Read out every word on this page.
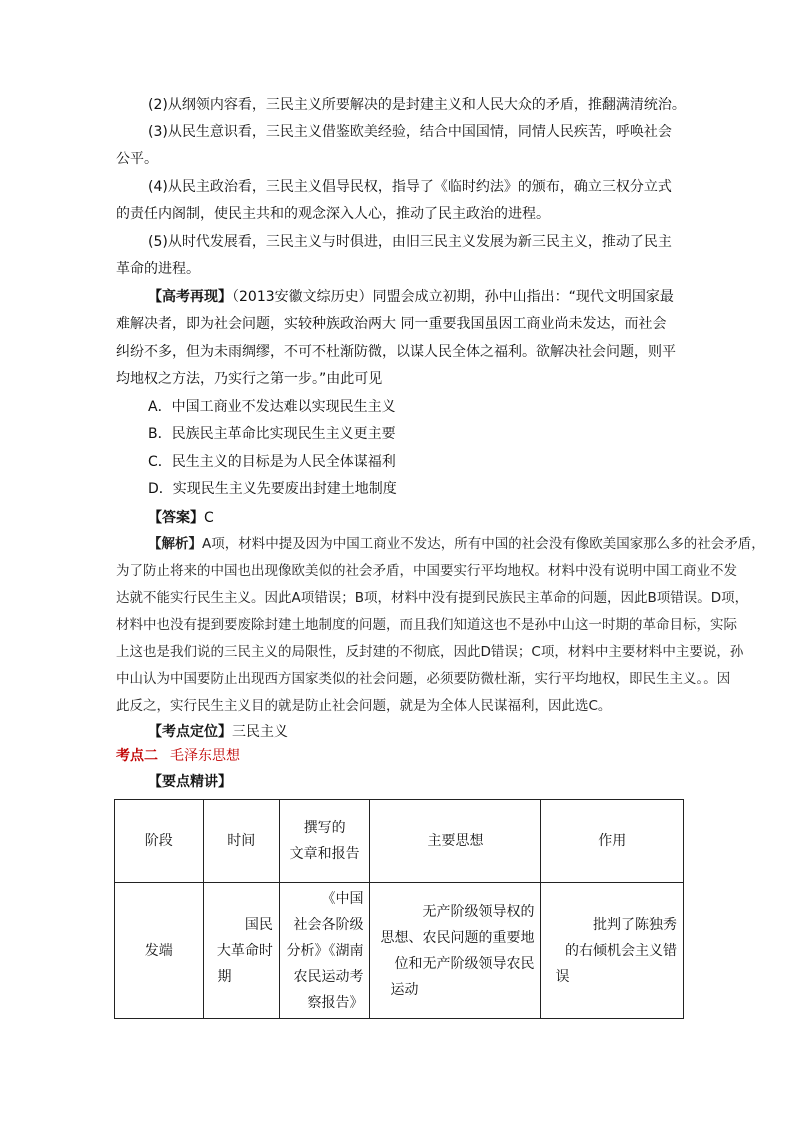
(2)从纲领内容看，三民主义所要解决的是封建主义和人民大众的矛盾，推翻满清统治。
(3)从民生意识看，三民主义借鉴欧美经验，结合中国国情，同情人民疾苦，呼唤社会
公平。
(4)从民主政治看，三民主义倡导民权，指导了《临时约法》的颁布，确立三权分立式
的责任内阁制，使民主共和的观念深入人心，推动了民主政治的进程。
(5)从时代发展看，三民主义与时俱进，由旧三民主义发展为新三民主义，推动了民主
革命的进程。
【高考再现】（2013安徽文综历史）同盟会成立初期，孙中山指出：“现代文明国家最
难解决者，即为社会问题，实较种族政治两大 同一重要我国虽因工商业尚未发达，而社会
纠纷不多，但为未雨绸缪，不可不杜渐防微，以谋人民全体之福利。欲解决社会问题，则平
均地权之方法，乃实行之第一步。”由此可见
A．中国工商业不发达难以实现民生主义
B．民族民主革命比实现民生主义更主要
C．民生主义的目标是为人民全体谋福利
D．实现民生主义先要废出封建土地制度
【答案】C
【解析】A项，材料中提及因为中国工商业不发达，所有中国的社会没有像欧美国家那么多的社会矛盾，
为了防止将来的中国也出现像欧美似的社会矛盾，中国要实行平均地权。材料中没有说明中国工商业不发
达就不能实行民生主义。因此A项错误；B项，材料中没有提到民族民主革命的问题，因此B项错误。D项，
材料中也没有提到要废除封建土地制度的问题，而且我们知道这也不是孙中山这一时期的革命目标，实际
上这也是我们说的三民主义的局限性，反封建的不彻底，因此D错误；C项，材料中主要材料中主要说，孙
中山认为中国要防止出现西方国家类似的社会问题，必须要防微杜渐，实行平均地权，即民生主义。。因
此反之，实行民生主义目的就是防止社会问题，就是为全体人民谋福利，因此选C。
【考点定位】三民主义
考点二 毛泽东思想
【要点精讲】
阶段	时间	撰写的
文章和报告	主要思想	作用
发端	国民
大革命时
期	《中国
社会各阶级
分析》《湖南
农民运动考
察报告》	无产阶级领导权的
思想、农民问题的重要地
位和无产阶级领导农民
运动	批判了陈独秀
的右倾机会主义错
误
